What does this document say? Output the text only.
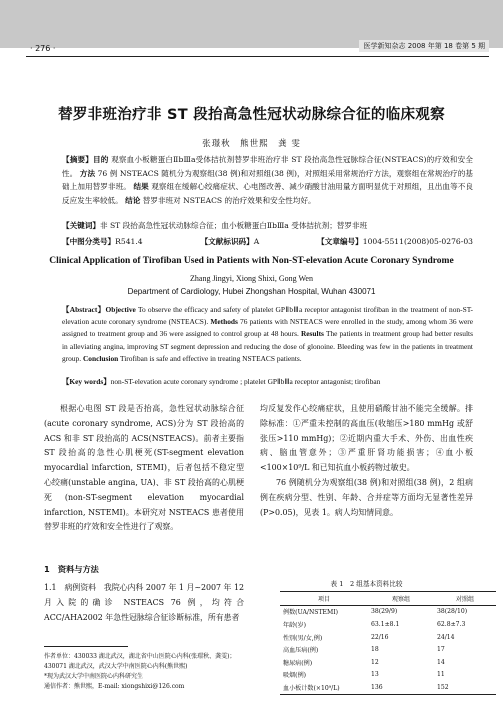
· 276 ·	医学新知杂志 2008 年第 18 卷第 5 期
替罗非班治疗非 ST 段抬高急性冠状动脉综合征的临床观察
张璟秋　熊世熙　龚 雯
【摘要】目的 观察血小板糖蛋白ⅡbⅢa受体拮抗剂替罗非班治疗非 ST 段抬高急性冠脉综合征(NSTEACS)的疗效和安全性。 方法 76 例 NSTEACS 随机分为观察组(38 例)和对照组(38 例)，对照组采用常规治疗方法，观察组在常规治疗的基础上加用替罗非班。 结果 观察组在缓解心绞痛症状、心电图改善、减少硝酸甘油用量方面明显优于对照组，且出血等不良反应发生率较低。 结论 替罗非班对 NSTEACS 的治疗效果和安全性均好。
【关键词】非 ST 段抬高急性冠状动脉综合征；血小板糖蛋白ⅡbⅢa 受体拮抗剂；替罗非班
【中图分类号】R541.4	【文献标识码】A	【文章编号】1004-5511(2008)05-0276-03
Clinical Application of Tirofiban Used in Patients with Non-ST-elevation Acute Coronary Syndrome
Zhang Jingyi, Xiong Shixi, Gong Wen
Department of Cardiology, Hubei Zhongshan Hospital, Wuhan 430071
【Abstract】Objective To observe the efficacy and safety of platelet GPⅡbⅢa receptor antagonist tirofiban in the treatment of non-ST-elevation acute coronary syndrome (NSTEACS). Methods 76 patients with NSTEACS were enrolled in the study, among whom 36 were assigned to treatment group and 36 were assigned to control group at 48 hours. Results The patients in treatment group had better results in alleviating angina, improving ST segment depression and reducing the dose of glonoine. Bleeding was few in the patients in treatment group. Conclusion Tirofiban is safe and effective in treating NSTEACS patients.
【Key words】non-ST-elevation acute coronary syndrome ; platelet GPⅡbⅢa receptor antagonist; tirofiban
根据心电图 ST 段是否抬高，急性冠状动脉综合征(acute coronary syndrome, ACS)分为 ST 段抬高的 ACS 和非 ST 段抬高的 ACS(NSTEACS)。前者主要指 ST 段抬高的急性心肌梗死(ST-segment elevation myocardial infarction, STEMI)，后者包括不稳定型心绞痛(unstable angina, UA)、非 ST 段抬高的心肌梗死(non-ST-segment elevation myocardial infarction, NSTEMI)。本研究对 NSTEACS 患者使用替罗非班的疗效和安全性进行了观察。
均反复发作心绞痛症状，且使用硝酸甘油不能完全缓解。排除标准：①严重未控制的高血压(收缩压>180 mmHg 或舒张压>110 mmHg)；②近期内重大手术、外伤、出血性疾病、脑血管意外；③严重肝肾功能损害；④血小板<100×10⁹/L 和已知抗血小板药物过敏史。
76 例随机分为观察组(38 例)和对照组(38 例)，2 组病例在疾病分型、性别、年龄、合并症等方面均无显著性差异(P>0.05)，见表 1。病人均知情同意。
1　资料与方法
1.1　病例资料　我院心内科 2007 年 1 月~2007 年 12 月入院的确诊 NSTEACS 76 例，均符合 ACC/AHA2002 年急性冠脉综合征诊断标准，所有患者
作者单位：430033 湖北武汉，湖北省中山医院心内科(张璟秋、龚雯)；430071 湖北武汉，武汉大学中南医院心内科(熊世熙)
*现为武汉大学中南医院心内科研究生
通信作者：熊世熙，E-mail: xiongshixi@126.com
表 1　2 组基本资料比较
项目	观察组	对照组
例数(UA/NSTEMI)	38(29/9)	38(28/10)
年龄(岁)	63.1±8.1	62.8±7.3
性别(男/女,例)	22/16	24/14
高血压病(例)	18	17
糖尿病(例)	12	14
吸烟(例)	13	11
血小板计数(×10⁹/L)	136	152
